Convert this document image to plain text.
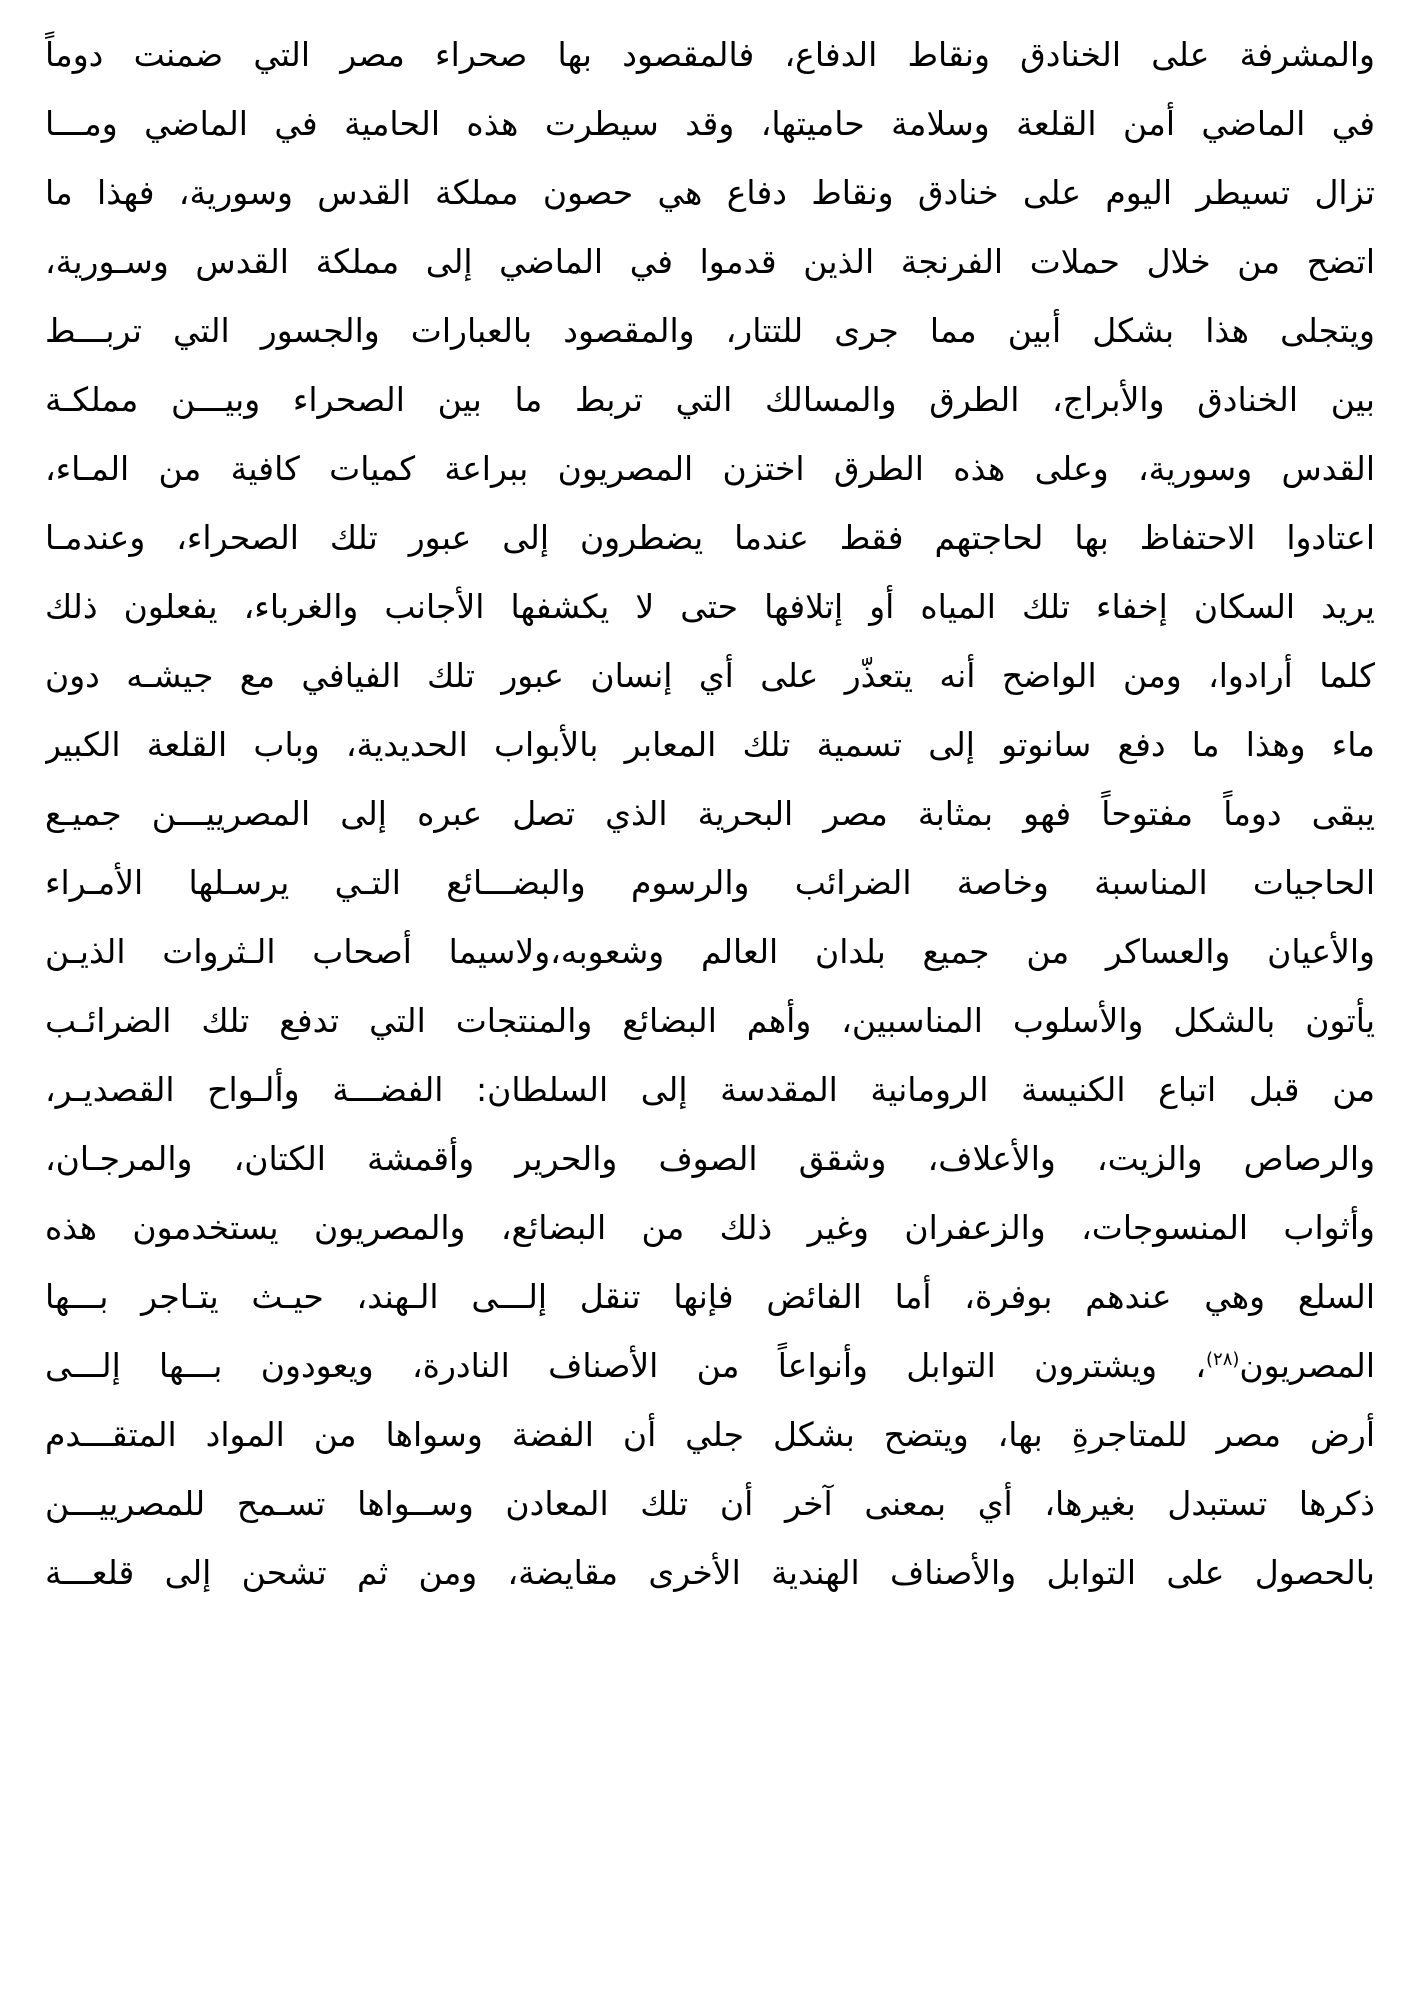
والمشرفة على الخنادق ونقاط الدفاع، فالمقصود بها صحراء مصر التي ضمنت دوماً
في الماضي أمن القلعة وسلامة حاميتها، وقد سيطرت هذه الحامية في الماضي ومـــا
تزال تسيطر اليوم على خنادق ونقاط دفاع هي حصون مملكة القدس وسورية، فهذا ما
اتضح من خلال حملات الفرنجة الذين قدموا في الماضي إلى مملكة القدس وسـورية،
ويتجلى هذا بشكل أبين مما جرى للتتار، والمقصود بالعبارات والجسور التي تربـــط
بين الخنادق والأبراج، الطرق والمسالك التي تربط ما بين الصحراء وبيـــن مملكـة
القدس وسورية، وعلى هذه الطرق اختزن المصريون ببراعة كميات كافية من المـاء،
اعتادوا الاحتفاظ بها لحاجتهم فقط عندما يضطرون إلى عبور تلك الصحراء، وعندمـا
يريد السكان إخفاء تلك المياه أو إتلافها حتى لا يكشفها الأجانب والغرباء، يفعلون ذلك
كلما أرادوا، ومن الواضح أنه يتعذّر على أي إنسان عبور تلك الفيافي مع جيشـه دون
ماء وهذا ما دفع سانوتو إلى تسمية تلك المعابر بالأبواب الحديدية، وباب القلعة الكبير
يبقى دوماً مفتوحاً فهو بمثابة مصر البحرية الذي تصل عبره إلى المصرييـــن جميـع
الحاجيات المناسبة وخاصة الضرائب والرسوم والبضـــائع التـي يرسـلها الأمـراء
والأعيان والعساكر من جميع بلدان العالم وشعوبه،ولاسيما أصحاب الـثروات الذيـن
يأتون بالشكل والأسلوب المناسبين، وأهم البضائع والمنتجات التي تدفع تلك الضرائـب
من قبل اتباع الكنيسة الرومانية المقدسة إلى السلطان: الفضـــة وألـواح القصديـر،
والرصاص والزيت، والأعلاف، وشقق الصوف والحرير وأقمشة الكتان، والمرجـان،
وأثواب المنسوجات، والزعفران وغير ذلك من البضائع، والمصريون يستخدمون هذه
السلع وهي عندهم بوفرة، أما الفائض فإنها تنقل إلـــى الـهند، حيـث يتـاجر بـــها
المصريون$^{(٢٨)}$، ويشترون التوابل وأنواعاً من الأصناف النادرة، ويعودون بـــها إلـــى
أرض مصر للمتاجرةِ بها، ويتضح بشكل جلي أن الفضة وسواها من المواد المتقـــدم
ذكرها تستبدل بغيرها، أي بمعنى آخر أن تلك المعادن وســواها تسـمح للمصرييـــن
بالحصول على التوابل والأصناف الهندية الأخرى مقايضة، ومن ثم تشحن إلى قلعـــة
